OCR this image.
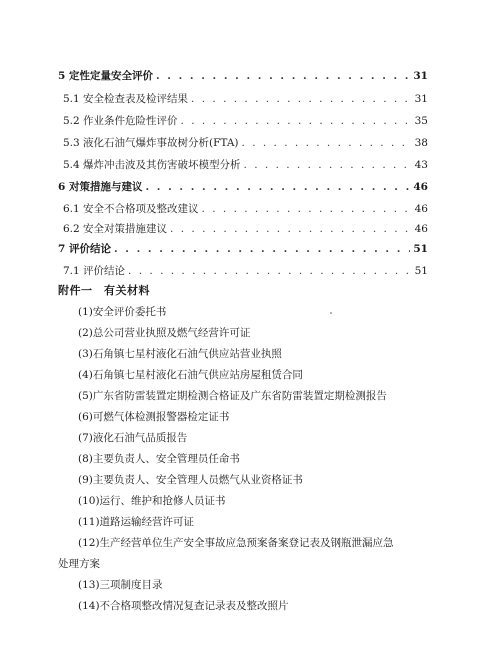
5 定性定量安全评价 . . .	31
5.1 安全检查表及检评结果 . . .	31
5.2 作业条件危险性评价 . . .	35
5.3 液化石油气爆炸事故树分析(FTA) . . .	38
5.4 爆炸冲击波及其伤害破坏模型分析 . . .	43
6 对策措施与建议 . . .	46
6.1 安全不合格项及整改建议 . . .	46
6.2 安全对策措施建议 . . .	46
7 评价结论 . . .	51
7.1 评价结论 . . .	51
附件一　有关材料
(1)安全评价委托书
(2)总公司营业执照及燃气经营许可证
(3)石角镇七星村液化石油气供应站营业执照
(4)石角镇七星村液化石油气供应站房屋租赁合同
(5)广东省防雷装置定期检测合格证及广东省防雷装置定期检测报告
(6)可燃气体检测报警器检定证书
(7)液化石油气品质报告
(8)主要负责人、安全管理员任命书
(9)主要负责人、安全管理人员燃气从业资格证书
(10)运行、维护和抢修人员证书
(11)道路运输经营许可证
(12)生产经营单位生产安全事故应急预案备案登记表及钢瓶泄漏应急
处理方案
(13)三项制度目录
(14)不合格项整改情况复查记录表及整改照片
